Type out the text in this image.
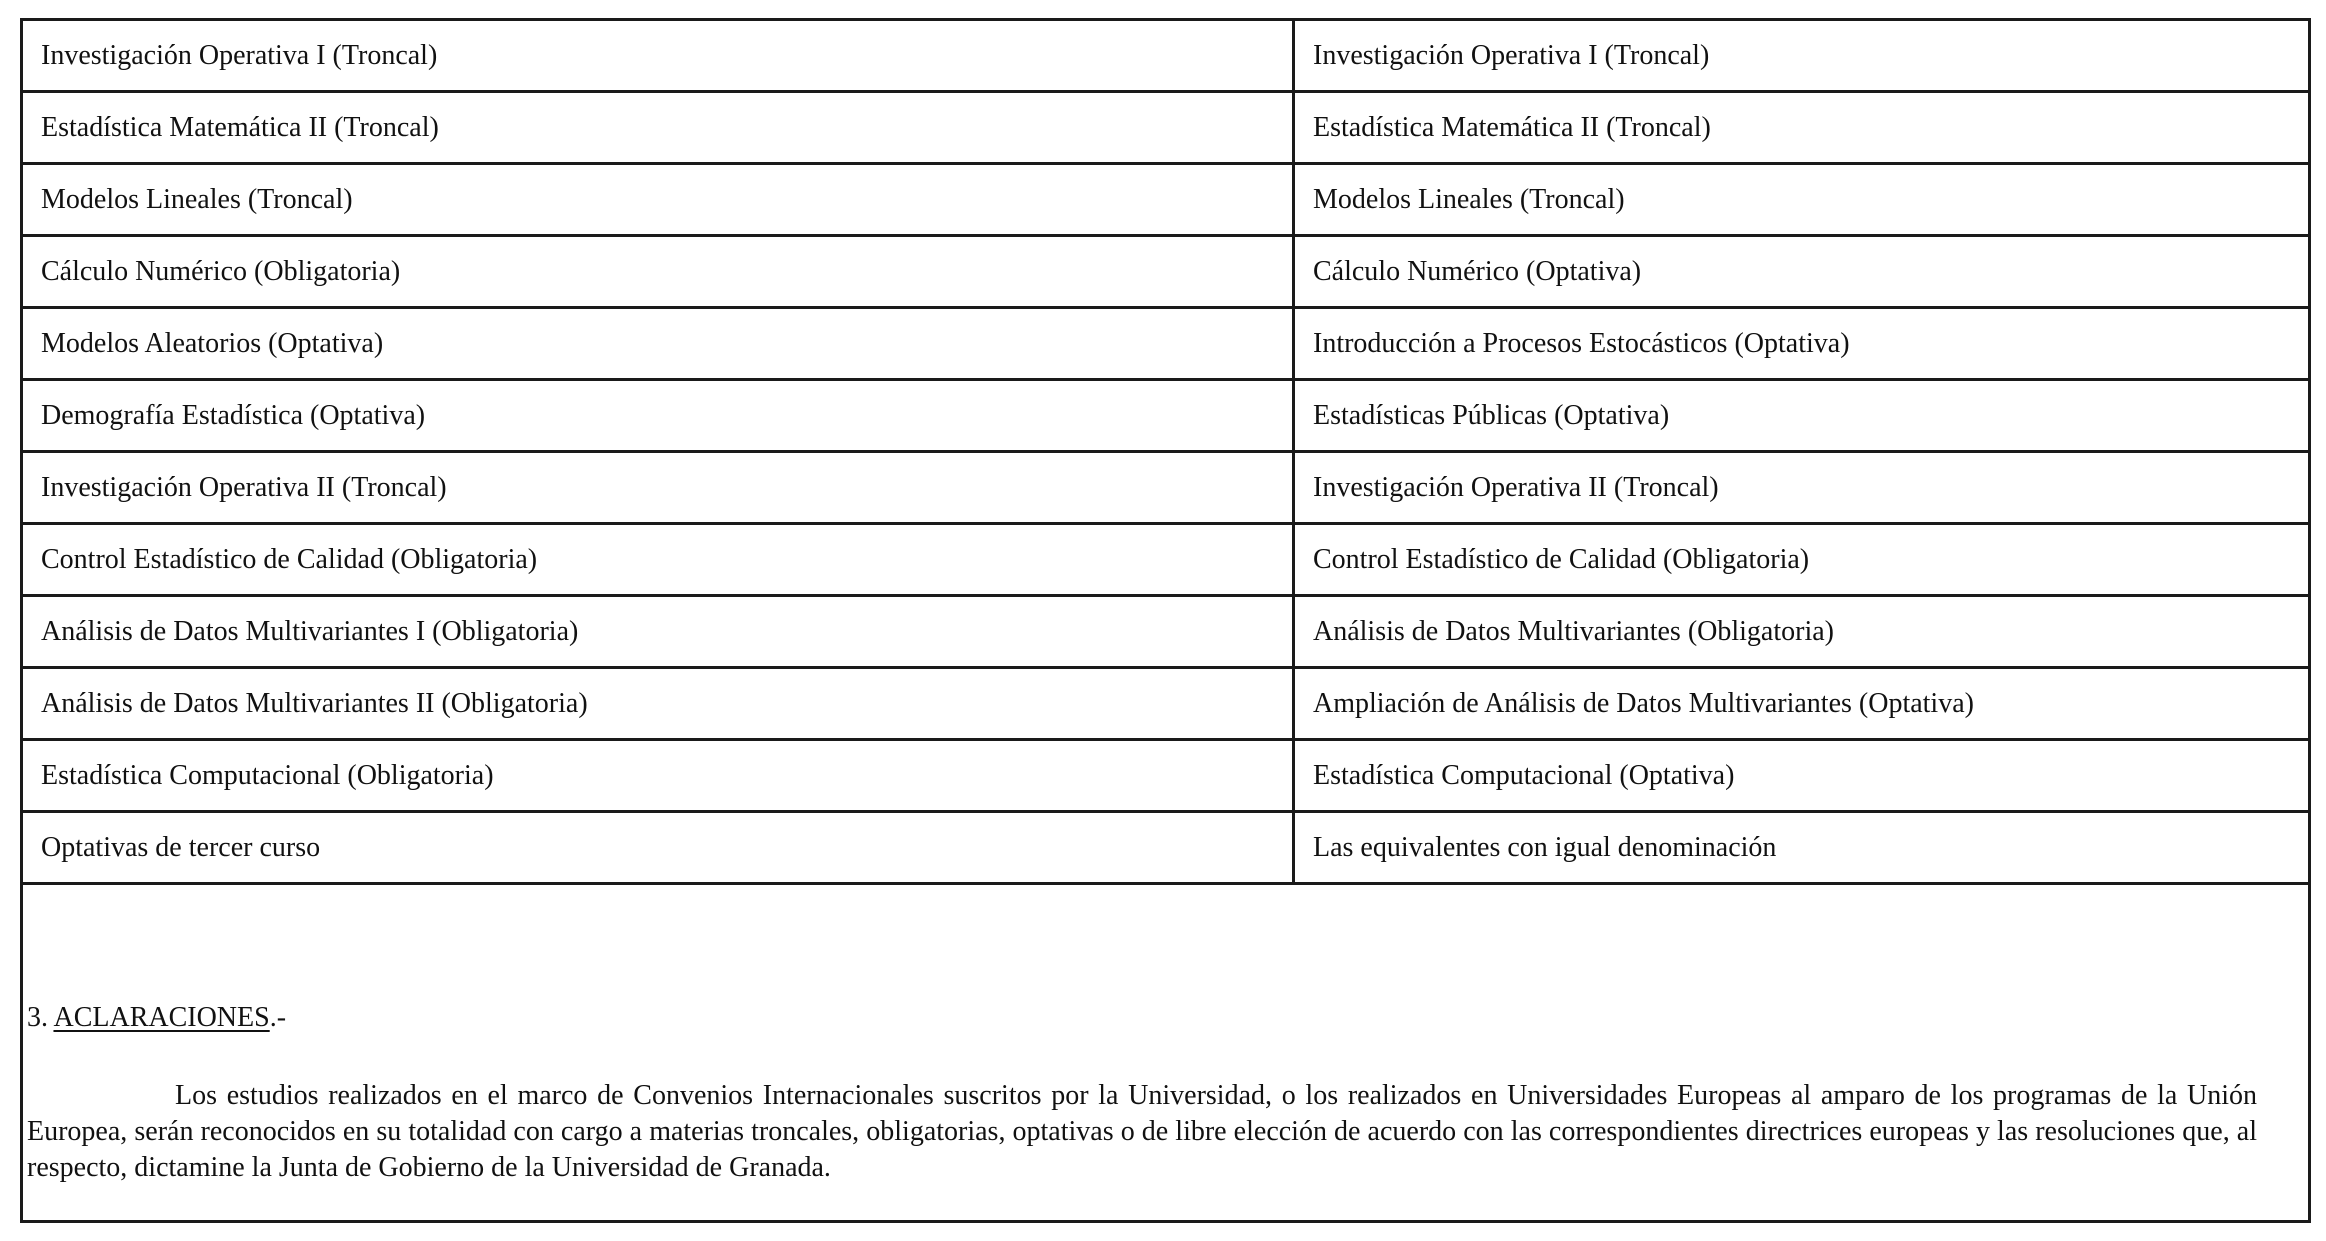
Investigación Operativa I (Troncal)	Investigación Operativa I (Troncal)
Estadística Matemática II (Troncal)	Estadística Matemática II (Troncal)
Modelos Lineales (Troncal)	Modelos Lineales (Troncal)
Cálculo Numérico (Obligatoria)	Cálculo Numérico (Optativa)
Modelos Aleatorios (Optativa)	Introducción a Procesos Estocásticos (Optativa)
Demografía Estadística (Optativa)	Estadísticas Públicas (Optativa)
Investigación Operativa II (Troncal)	Investigación Operativa II (Troncal)
Control Estadístico de Calidad (Obligatoria)	Control Estadístico de Calidad (Obligatoria)
Análisis de Datos Multivariantes I (Obligatoria)	Análisis de Datos Multivariantes (Obligatoria)
Análisis de Datos Multivariantes II (Obligatoria)	Ampliación de Análisis de Datos Multivariantes (Optativa)
Estadística Computacional (Obligatoria)	Estadística Computacional (Optativa)
Optativas de tercer curso	Las equivalentes con igual denominación
3. ACLARACIONES.-

Los estudios realizados en el marco de Convenios Internacionales suscritos por la Universidad, o los realizados en Universidades Europeas al amparo de los programas de la Unión Europea, serán reconocidos en su totalidad con cargo a materias troncales, obligatorias, optativas o de libre elección de acuerdo con las correspondientes directrices europeas y las resoluciones que, al respecto, dictamine la Junta de Gobierno de la Universidad de Granada.
